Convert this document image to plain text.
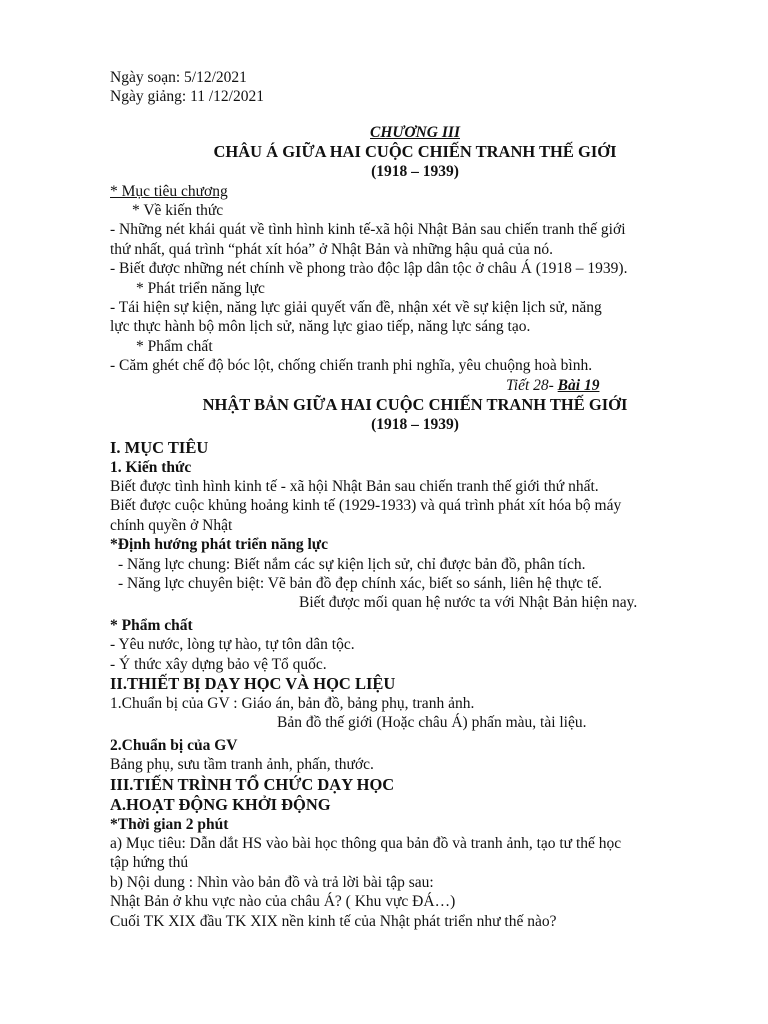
Ngày soạn: 5/12/2021
Ngày giảng: 11 /12/2021
CHƯƠNG III
CHÂU Á GIỮA HAI CUỘC CHIẾN TRANH THẾ GIỚI
(1918 – 1939)
* Mục tiêu chương
* Về kiến thức
- Những nét khái quát về tình hình kinh tế-xã hội Nhật Bản sau chiến tranh thế giới
thứ nhất, quá trình “phát xít hóa” ở Nhật Bản và những hậu quả của nó.
- Biết được những nét chính về phong trào độc lập dân tộc ở châu Á (1918 – 1939).
* Phát triển năng lực
- Tái hiện sự kiện, năng lực giải quyết vấn đề, nhận xét về sự kiện lịch sử, năng
lực thực hành bộ môn lịch sử, năng lực giao tiếp, năng lực sáng tạo.
* Phẩm chất
- Căm ghét chế độ bóc lột, chống chiến tranh phi nghĩa, yêu chuộng hoà bình.
Tiết 28- Bài 19
NHẬT BẢN GIỮA HAI CUỘC CHIẾN TRANH THẾ GIỚI
(1918 – 1939)
I. MỤC TIÊU
1. Kiến thức
Biết được tình hình kinh tế - xã hội Nhật Bản sau chiến tranh thế giới thứ nhất.
Biết được cuộc khủng hoảng kinh tế (1929-1933) và quá trình phát xít hóa bộ máy
chính quyền ở Nhật
*Định hướng phát triển năng lực
- Năng lực chung: Biết nắm các sự kiện lịch sử, chỉ được bản đồ, phân tích.
- Năng lực chuyên biệt: Vẽ bản đồ đẹp chính xác, biết so sánh, liên hệ thực tế.
Biết được mối quan hệ nước ta với Nhật Bản hiện nay.
* Phẩm chất
- Yêu nước, lòng tự hào, tự tôn dân tộc.
- Ý thức xây dựng bảo vệ Tổ quốc.
II.THIẾT BỊ DẠY HỌC VÀ HỌC LIỆU
1.Chuẩn bị của GV : Giáo án, bản đồ, bảng phụ, tranh ảnh.
Bản đồ thế giới (Hoặc châu Á) phấn màu, tài liệu.
2.Chuẩn bị của GV
Bảng phụ, sưu tầm tranh ảnh, phấn, thước.
III.TIẾN TRÌNH TỔ CHỨC DẠY HỌC
A.HOẠT ĐỘNG KHỞI ĐỘNG
*Thời gian 2 phút
a) Mục tiêu: Dẫn dắt HS vào bài học thông qua bản đồ và tranh ảnh, tạo tư thế học
tập hứng thú
b) Nội dung : Nhìn vào bản đồ và trả lời bài tập sau:
Nhật Bản ở khu vực nào của châu Á? ( Khu vực ĐÁ…)
Cuối TK XIX đầu TK XIX nền kinh tế của Nhật phát triển như thế nào?
